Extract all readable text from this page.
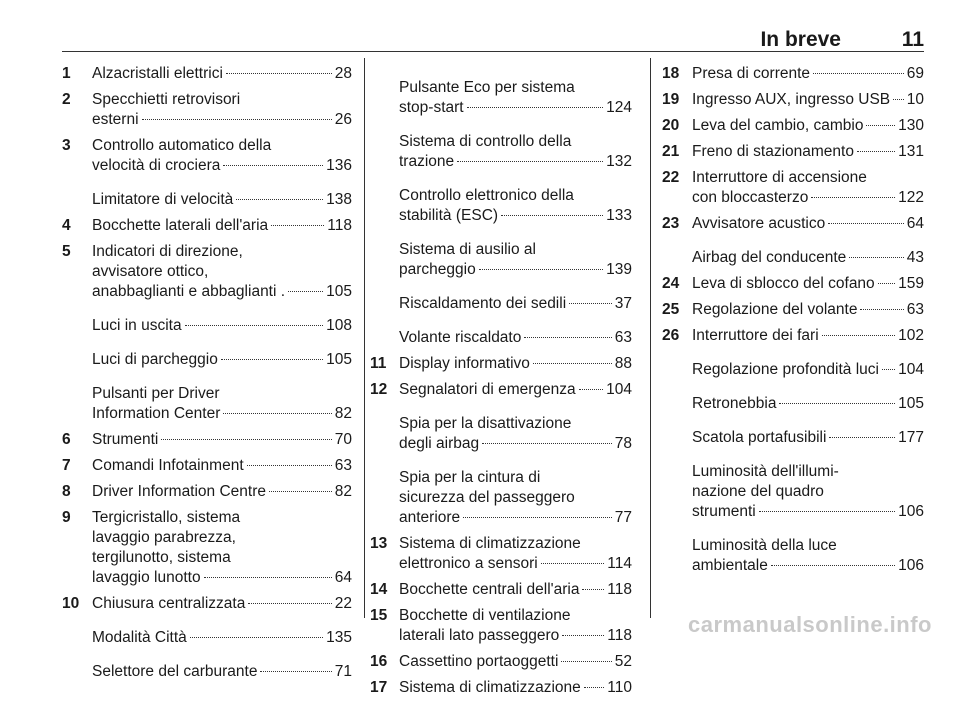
In breve	11
1 Alzacristalli elettrici	28
2 Specchietti retrovisori
esterni	26
3 Controllo automatico della
velocità di crociera	136
Limitatore di velocità	138
4 Bocchette laterali dell'aria	118
5 Indicatori di direzione,
avvisatore ottico,
anabbaglianti e abbaglianti .	105
Luci in uscita	108
Luci di parcheggio	105
Pulsanti per Driver
Information Center	82
6 Strumenti	70
7 Comandi Infotainment	63
8 Driver Information Centre	82
9 Tergicristallo, sistema
lavaggio parabrezza,
tergilunotto, sistema
lavaggio lunotto	64
10 Chiusura centralizzata	22
Modalità Città	135
Selettore del carburante	71
Pulsante Eco per sistema
stop-start	124
Sistema di controllo della
trazione	132
Controllo elettronico della
stabilità (ESC)	133
Sistema di ausilio al
parcheggio	139
Riscaldamento dei sedili	37
Volante riscaldato	63
11 Display informativo	88
12 Segnalatori di emergenza 104
Spia per la disattivazione
degli airbag	78
Spia per la cintura di
sicurezza del passeggero
anteriore	77
13 Sistema di climatizzazione
elettronico a sensori	114
14 Bocchette centrali dell'aria 118
15 Bocchette di ventilazione
laterali lato passeggero	118
16 Cassettino portaoggetti	52
17 Sistema di climatizzazione 110
18 Presa di corrente	69
19 Ingresso AUX, ingresso USB 10
20 Leva del cambio, cambio 130
21 Freno di stazionamento	131
22 Interruttore di accensione
con bloccasterzo	122
23 Avvisatore acustico	64
Airbag del conducente	43
24 Leva di sblocco del cofano 159
25 Regolazione del volante	63
26 Interruttore dei fari	102
Regolazione profondità luci 104
Retronebbia	105
Scatola portafusibili	177
Luminosità dell'illumi-
nazione del quadro
strumenti	106
Luminosità della luce
ambientale	106
carmanualsonline.info
